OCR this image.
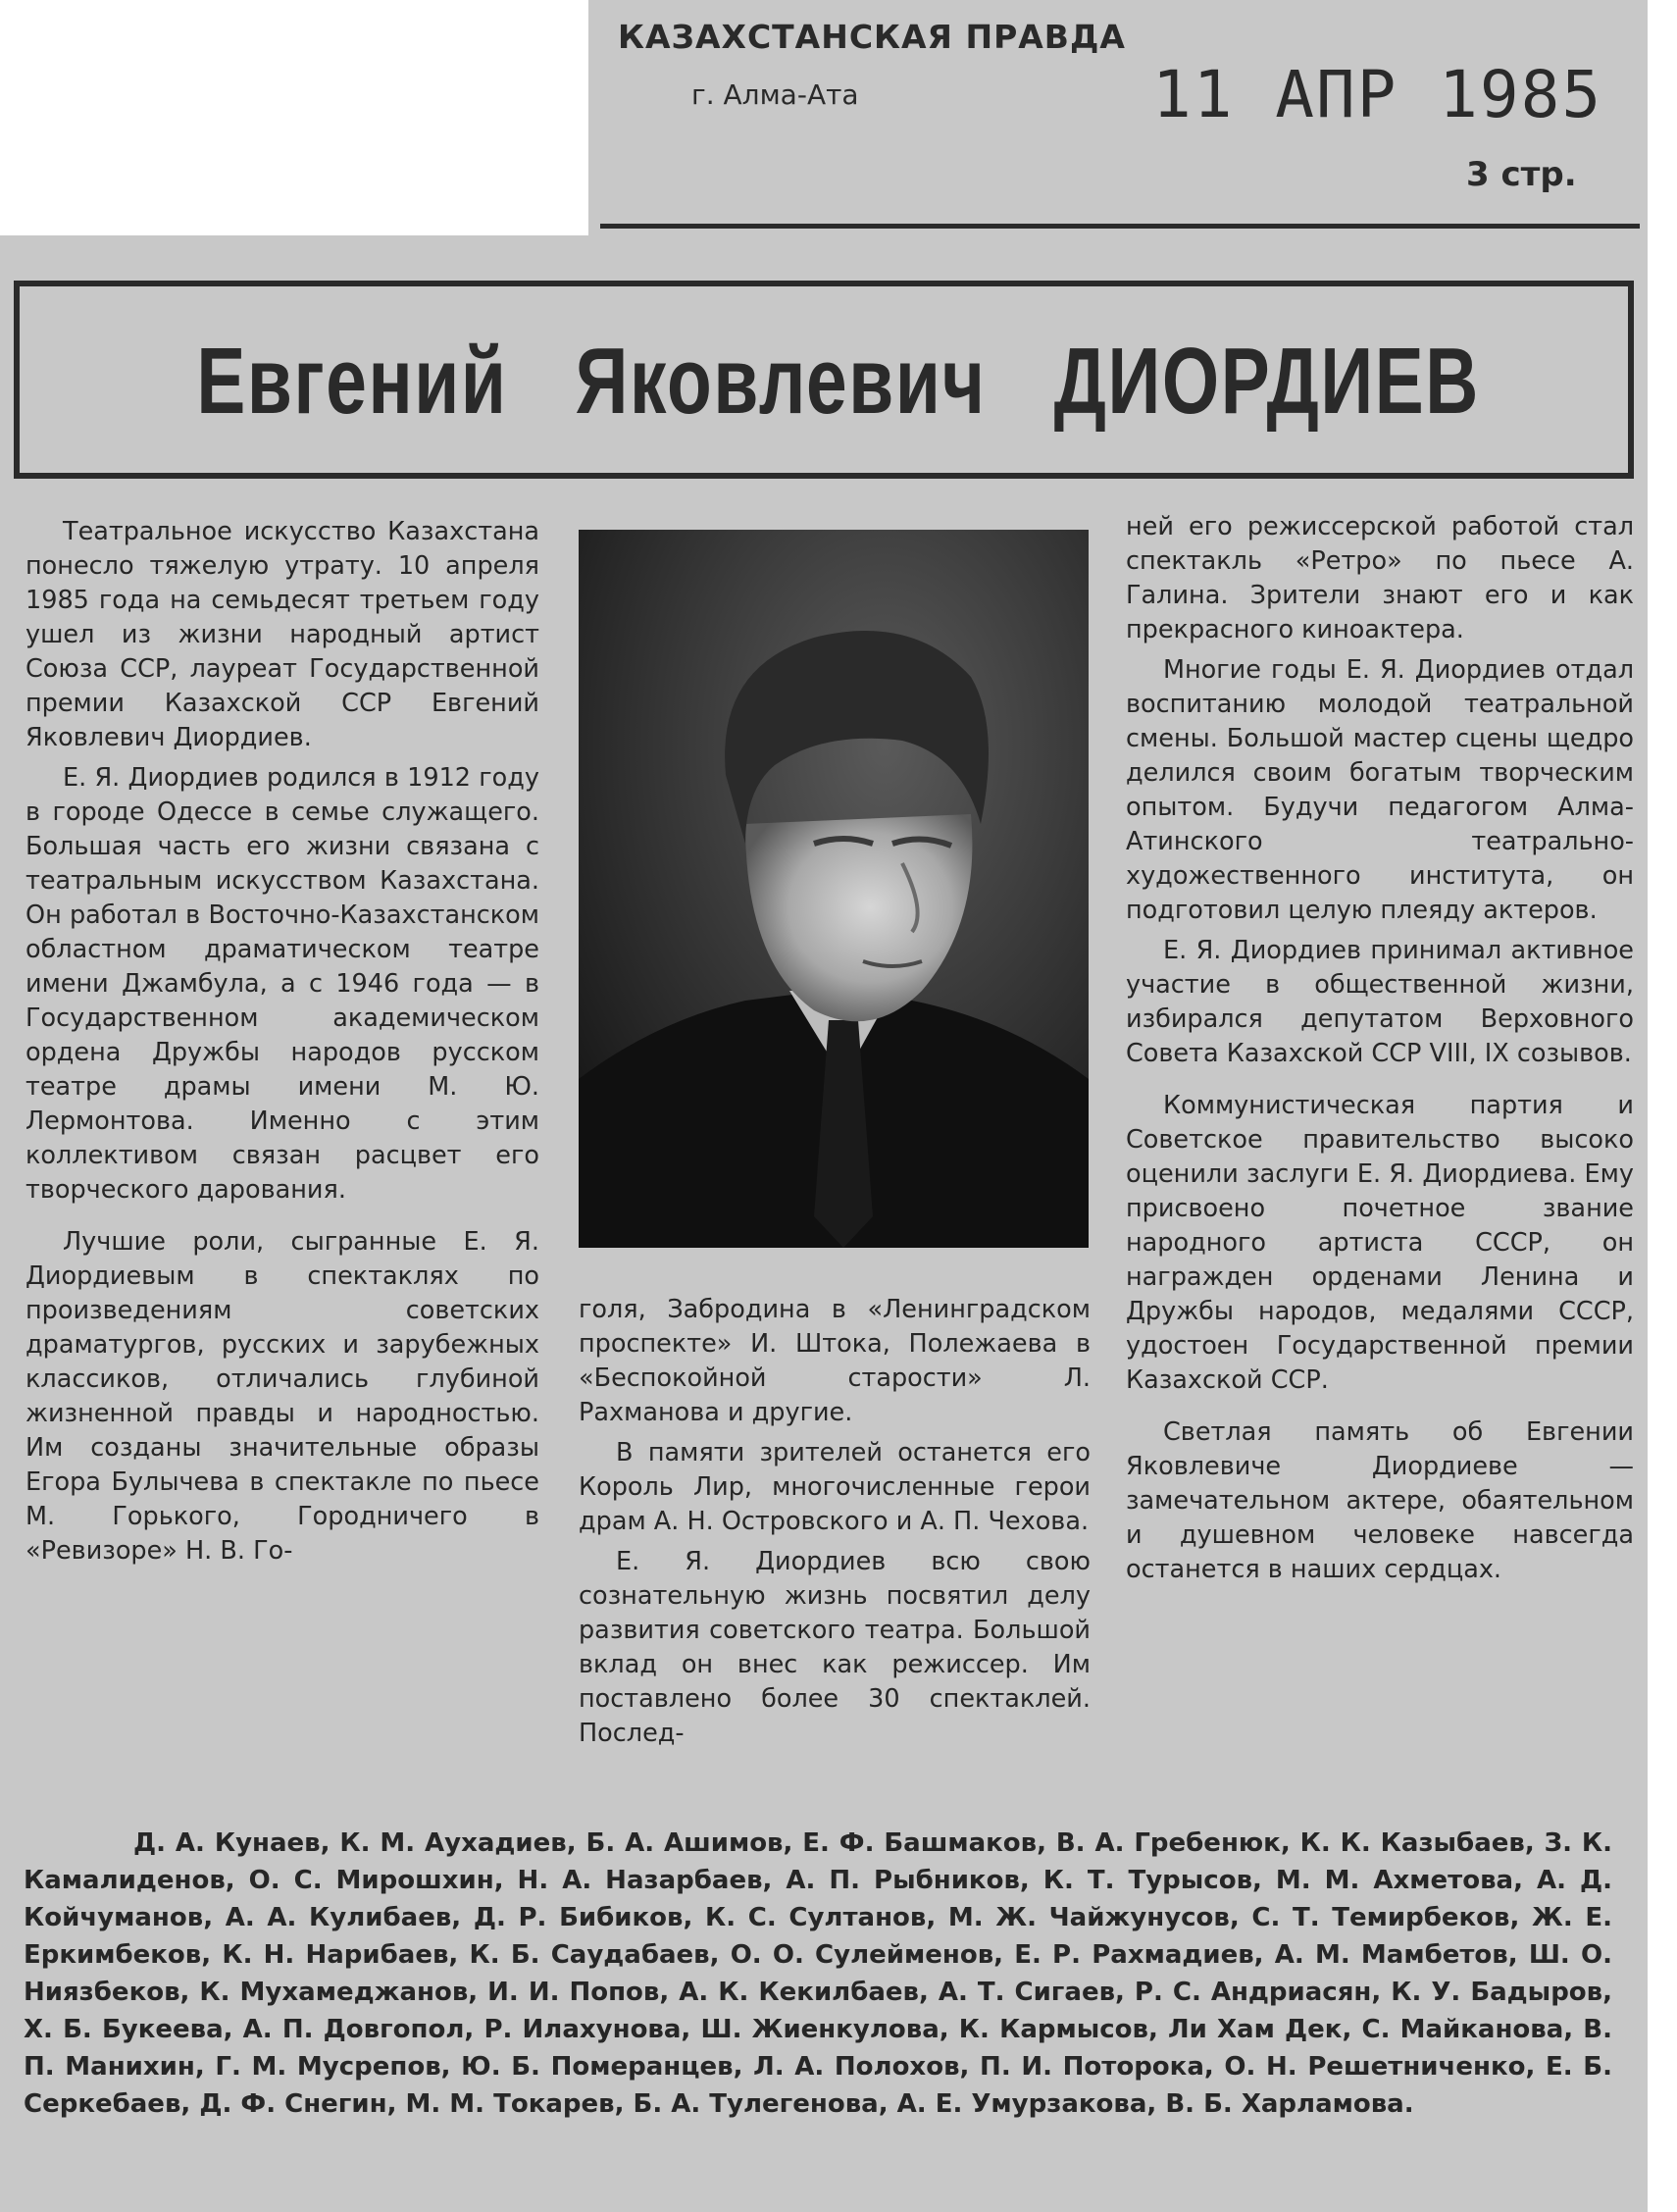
КАЗАХСТАНСКАЯ ПРАВДА
г. Алма-Ата	11 АПР 1985
3 стр.
Евгений Яковлевич ДИОРДИЕВ

Театральное искусство Казахстана понесло тяжелую утрату. 10 апреля 1985 года на семьдесят третьем году ушел из жизни народный артист Союза ССР, лауреат Государственной премии Казахской ССР Евгений Яковлевич Диордиев.

Е. Я. Диордиев родился в 1912 году в городе Одессе в семье служащего. Большая часть его жизни связана с театральным искусством Казахстана. Он работал в Восточно-Казахстанском областном драматическом театре имени Джамбула, а с 1946 года — в Государственном академическом ордена Дружбы народов русском театре драмы имени М. Ю. Лермонтова. Именно с этим коллективом связан расцвет его творческого дарования.

Лучшие роли, сыгранные Е. Я. Диордиевым в спектаклях по произведениям советских драматургов, русских и зарубежных классиков, отличались глубиной жизненной правды и народностью. Им созданы значительные образы Егора Булычева в спектакле по пьесе М. Горького, Городничего в «Ревизоре» Н. В. Го-

голя, Забродина в «Ленинградском проспекте» И. Штока, Полежаева в «Беспокойной старости» Л. Рахманова и другие.

В памяти зрителей останется его Король Лир, многочисленные герои драм А. Н. Островского и А. П. Чехова.

Е. Я. Диордиев всю свою сознательную жизнь посвятил делу развития советского театра. Большой вклад он внес как режиссер. Им поставлено более 30 спектаклей. Послед-

ней его режиссерской работой стал спектакль «Ретро» по пьесе А. Галина. Зрители знают его и как прекрасного киноактера.

Многие годы Е. Я. Диордиев отдал воспитанию молодой театральной смены. Большой мастер сцены щедро делился своим богатым творческим опытом. Будучи педагогом Алма-Атинского театрально-художественного института, он подготовил целую плеяду актеров.

Е. Я. Диордиев принимал активное участие в общественной жизни, избирался депутатом Верховного Совета Казахской ССР VIII, IX созывов.

Коммунистическая партия и Советское правительство высоко оценили заслуги Е. Я. Диордиева. Ему присвоено почетное звание народного артиста СССР, он награжден орденами Ленина и Дружбы народов, медалями СССР, удостоен Государственной премии Казахской ССР.

Светлая память об Евгении Яковлевиче Диордиеве — замечательном актере, обаятельном и душевном человеке навсегда останется в наших сердцах.

Д. А. Кунаев, К. М. Аухадиев, Б. А. Ашимов, Е. Ф. Башмаков, В. А. Гребенюк, К. К. Казыбаев, З. К. Камалиденов, О. С. Мирошхин, Н. А. Назарбаев, А. П. Рыбников, К. Т. Турысов, М. М. Ахметова, А. Д. Койчуманов, А. А. Кулибаев, Д. Р. Бибиков, К. С. Султанов, М. Ж. Чайжунусов, С. Т. Темирбеков, Ж. Е. Еркимбеков, К. Н. Нарибаев, К. Б. Саудабаев, О. О. Сулейменов, Е. Р. Рахмадиев, А. М. Мамбетов, Ш. О. Ниязбеков, К. Мухамеджанов, И. И. Попов, А. К. Кекилбаев, А. Т. Сигаев, Р. С. Андриасян, К. У. Бадыров, Х. Б. Букеева, А. П. Довгопол, Р. Илахунова, Ш. Жиенкулова, К. Кармысов, Ли Хам Дек, С. Майканова, В. П. Манихин, Г. М. Мусрепов, Ю. Б. Померанцев, Л. А. Полохов, П. И. Поторока, О. Н. Решетниченко, Е. Б. Серкебаев, Д. Ф. Снегин, М. М. Токарев, Б. А. Тулегенова, А. Е. Умурзакова, В. Б. Харламова.
